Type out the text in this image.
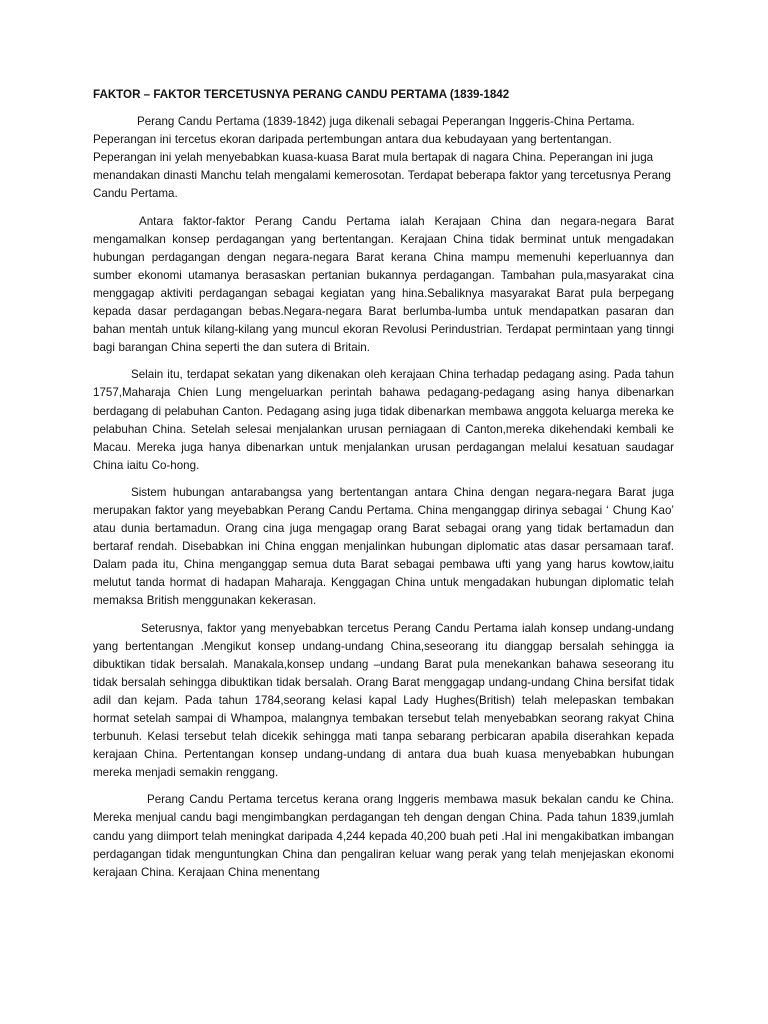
FAKTOR – FAKTOR TERCETUSNYA PERANG CANDU PERTAMA (1839-1842

Perang Candu Pertama (1839-1842) juga dikenali sebagai Peperangan Inggeris-China Pertama. Peperangan ini tercetus ekoran daripada pertembungan antara dua kebudayaan yang bertentangan. Peperangan ini yelah menyebabkan kuasa-kuasa Barat mula bertapak di nagara China. Peperangan ini juga menandakan dinasti Manchu telah mengalami kemerosotan. Terdapat beberapa faktor yang tercetusnya Perang Candu Pertama.

Antara faktor-faktor Perang Candu Pertama ialah Kerajaan China dan negara-negara Barat mengamalkan konsep perdagangan yang bertentangan. Kerajaan China tidak berminat untuk mengadakan hubungan perdagangan dengan negara-negara Barat kerana China mampu memenuhi keperluannya dan sumber ekonomi utamanya berasaskan pertanian bukannya perdagangan. Tambahan pula,masyarakat cina menggagap aktiviti perdagangan sebagai kegiatan yang hina.Sebaliknya masyarakat Barat pula berpegang kepada dasar perdagangan bebas.Negara-negara Barat berlumba-lumba untuk mendapatkan pasaran dan bahan mentah untuk kilang-kilang yang muncul ekoran Revolusi Perindustrian. Terdapat permintaan yang tinngi bagi barangan China seperti the dan sutera di Britain.

Selain itu, terdapat sekatan yang dikenakan oleh kerajaan China terhadap pedagang asing. Pada tahun 1757,Maharaja Chien Lung mengeluarkan perintah bahawa pedagang-pedagang asing hanya dibenarkan berdagang di pelabuhan Canton. Pedagang asing juga tidak dibenarkan membawa anggota keluarga mereka ke pelabuhan China. Setelah selesai menjalankan urusan perniagaan di Canton,mereka dikehendaki kembali ke Macau. Mereka juga hanya dibenarkan untuk menjalankan urusan perdagangan melalui kesatuan saudagar China iaitu Co-hong.

Sistem hubungan antarabangsa yang bertentangan antara China dengan negara-negara Barat juga merupakan faktor yang meyebabkan Perang Candu Pertama. China menganggap dirinya sebagai ‘ Chung Kao’ atau dunia bertamadun. Orang cina juga mengagap orang Barat sebagai orang yang tidak bertamadun dan bertaraf rendah. Disebabkan ini China enggan menjalinkan hubungan diplomatic atas dasar persamaan taraf. Dalam pada itu, China menganggap semua duta Barat sebagai pembawa ufti yang yang harus kowtow,iaitu melutut tanda hormat di hadapan Maharaja. Kenggagan China untuk mengadakan hubungan diplomatic telah memaksa British menggunakan kekerasan.

Seterusnya, faktor yang menyebabkan tercetus Perang Candu Pertama ialah konsep undang-undang yang bertentangan .Mengikut konsep undang-undang China,seseorang itu dianggap bersalah sehingga ia dibuktikan tidak bersalah. Manakala,konsep undang –undang Barat pula menekankan bahawa seseorang itu tidak bersalah sehingga dibuktikan tidak bersalah. Orang Barat menggagap undang-undang China bersifat tidak adil dan kejam. Pada tahun 1784,seorang kelasi kapal Lady Hughes(British) telah melepaskan tembakan hormat setelah sampai di Whampoa, malangnya tembakan tersebut telah menyebabkan seorang rakyat China terbunuh. Kelasi tersebut telah dicekik sehingga mati tanpa sebarang perbicaran apabila diserahkan kepada kerajaan China. Pertentangan konsep undang-undang di antara dua buah kuasa menyebabkan hubungan mereka menjadi semakin renggang.

Perang Candu Pertama tercetus kerana orang Inggeris membawa masuk bekalan candu ke China. Mereka menjual candu bagi mengimbangkan perdagangan teh dengan dengan China. Pada tahun 1839,jumlah candu yang diimport telah meningkat daripada 4,244 kepada 40,200 buah peti .Hal ini mengakibatkan imbangan perdagangan tidak menguntungkan China dan pengaliran keluar wang perak yang telah menjejaskan ekonomi kerajaan China. Kerajaan China menentang
